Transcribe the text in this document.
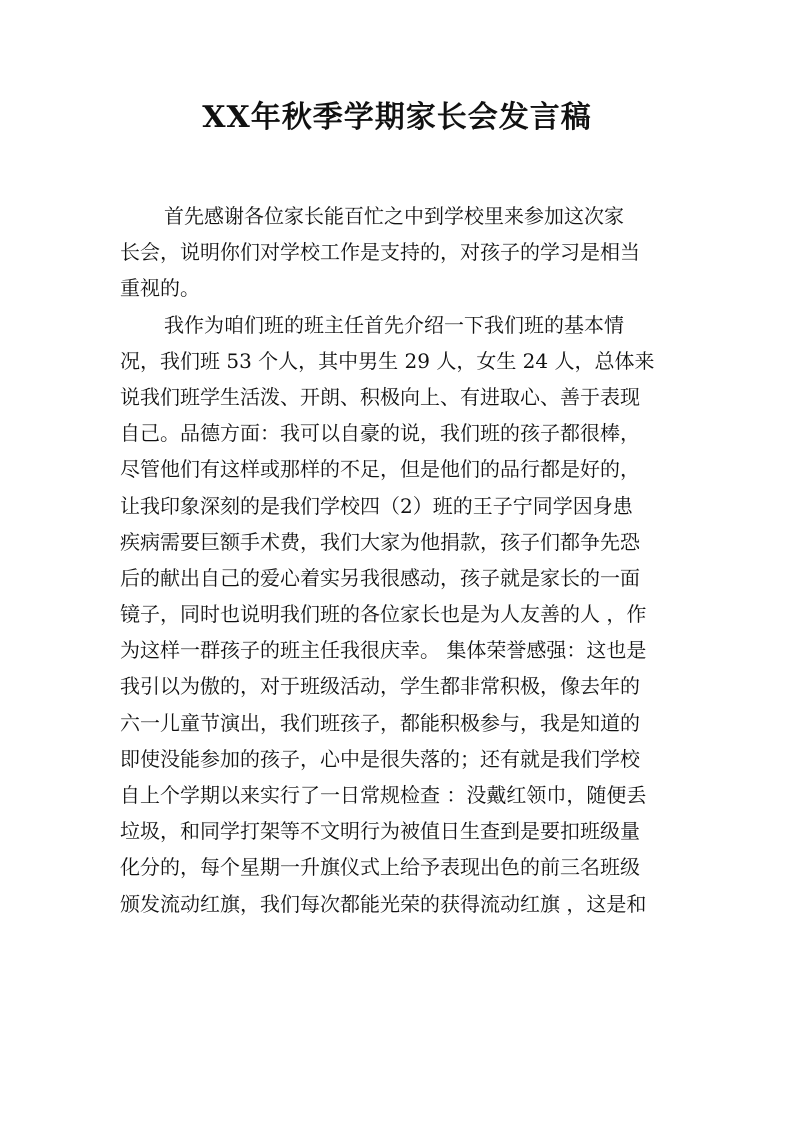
XX年秋季学期家长会发言稿
首先感谢各位家长能百忙之中到学校里来参加这次家
长会，说明你们对学校工作是支持的，对孩子的学习是相当
重视的。
我作为咱们班的班主任首先介绍一下我们班的基本情
况，我们班 53 个人，其中男生 29 人，女生 24 人，总体来
说我们班学生活泼、开朗、积极向上、有进取心、善于表现
自己。品德方面：我可以自豪的说，我们班的孩子都很棒，
尽管他们有这样或那样的不足，但是他们的品行都是好的，
让我印象深刻的是我们学校四（2）班的王子宁同学因身患
疾病需要巨额手术费，我们大家为他捐款，孩子们都争先恐
后的献出自己的爱心着实另我很感动，孩子就是家长的一面
镜子，同时也说明我们班的各位家长也是为人友善的人 ，作
为这样一群孩子的班主任我很庆幸。 集体荣誉感强：这也是
我引以为傲的，对于班级活动，学生都非常积极，像去年的
六一儿童节演出，我们班孩子，都能积极参与，我是知道的
即使没能参加的孩子，心中是很失落的；还有就是我们学校
自上个学期以来实行了一日常规检查 ：没戴红领巾，随便丢
垃圾，和同学打架等不文明行为被值日生查到是要扣班级量
化分的，每个星期一升旗仪式上给予表现出色的前三名班级
颁发流动红旗，我们每次都能光荣的获得流动红旗 ，这是和
